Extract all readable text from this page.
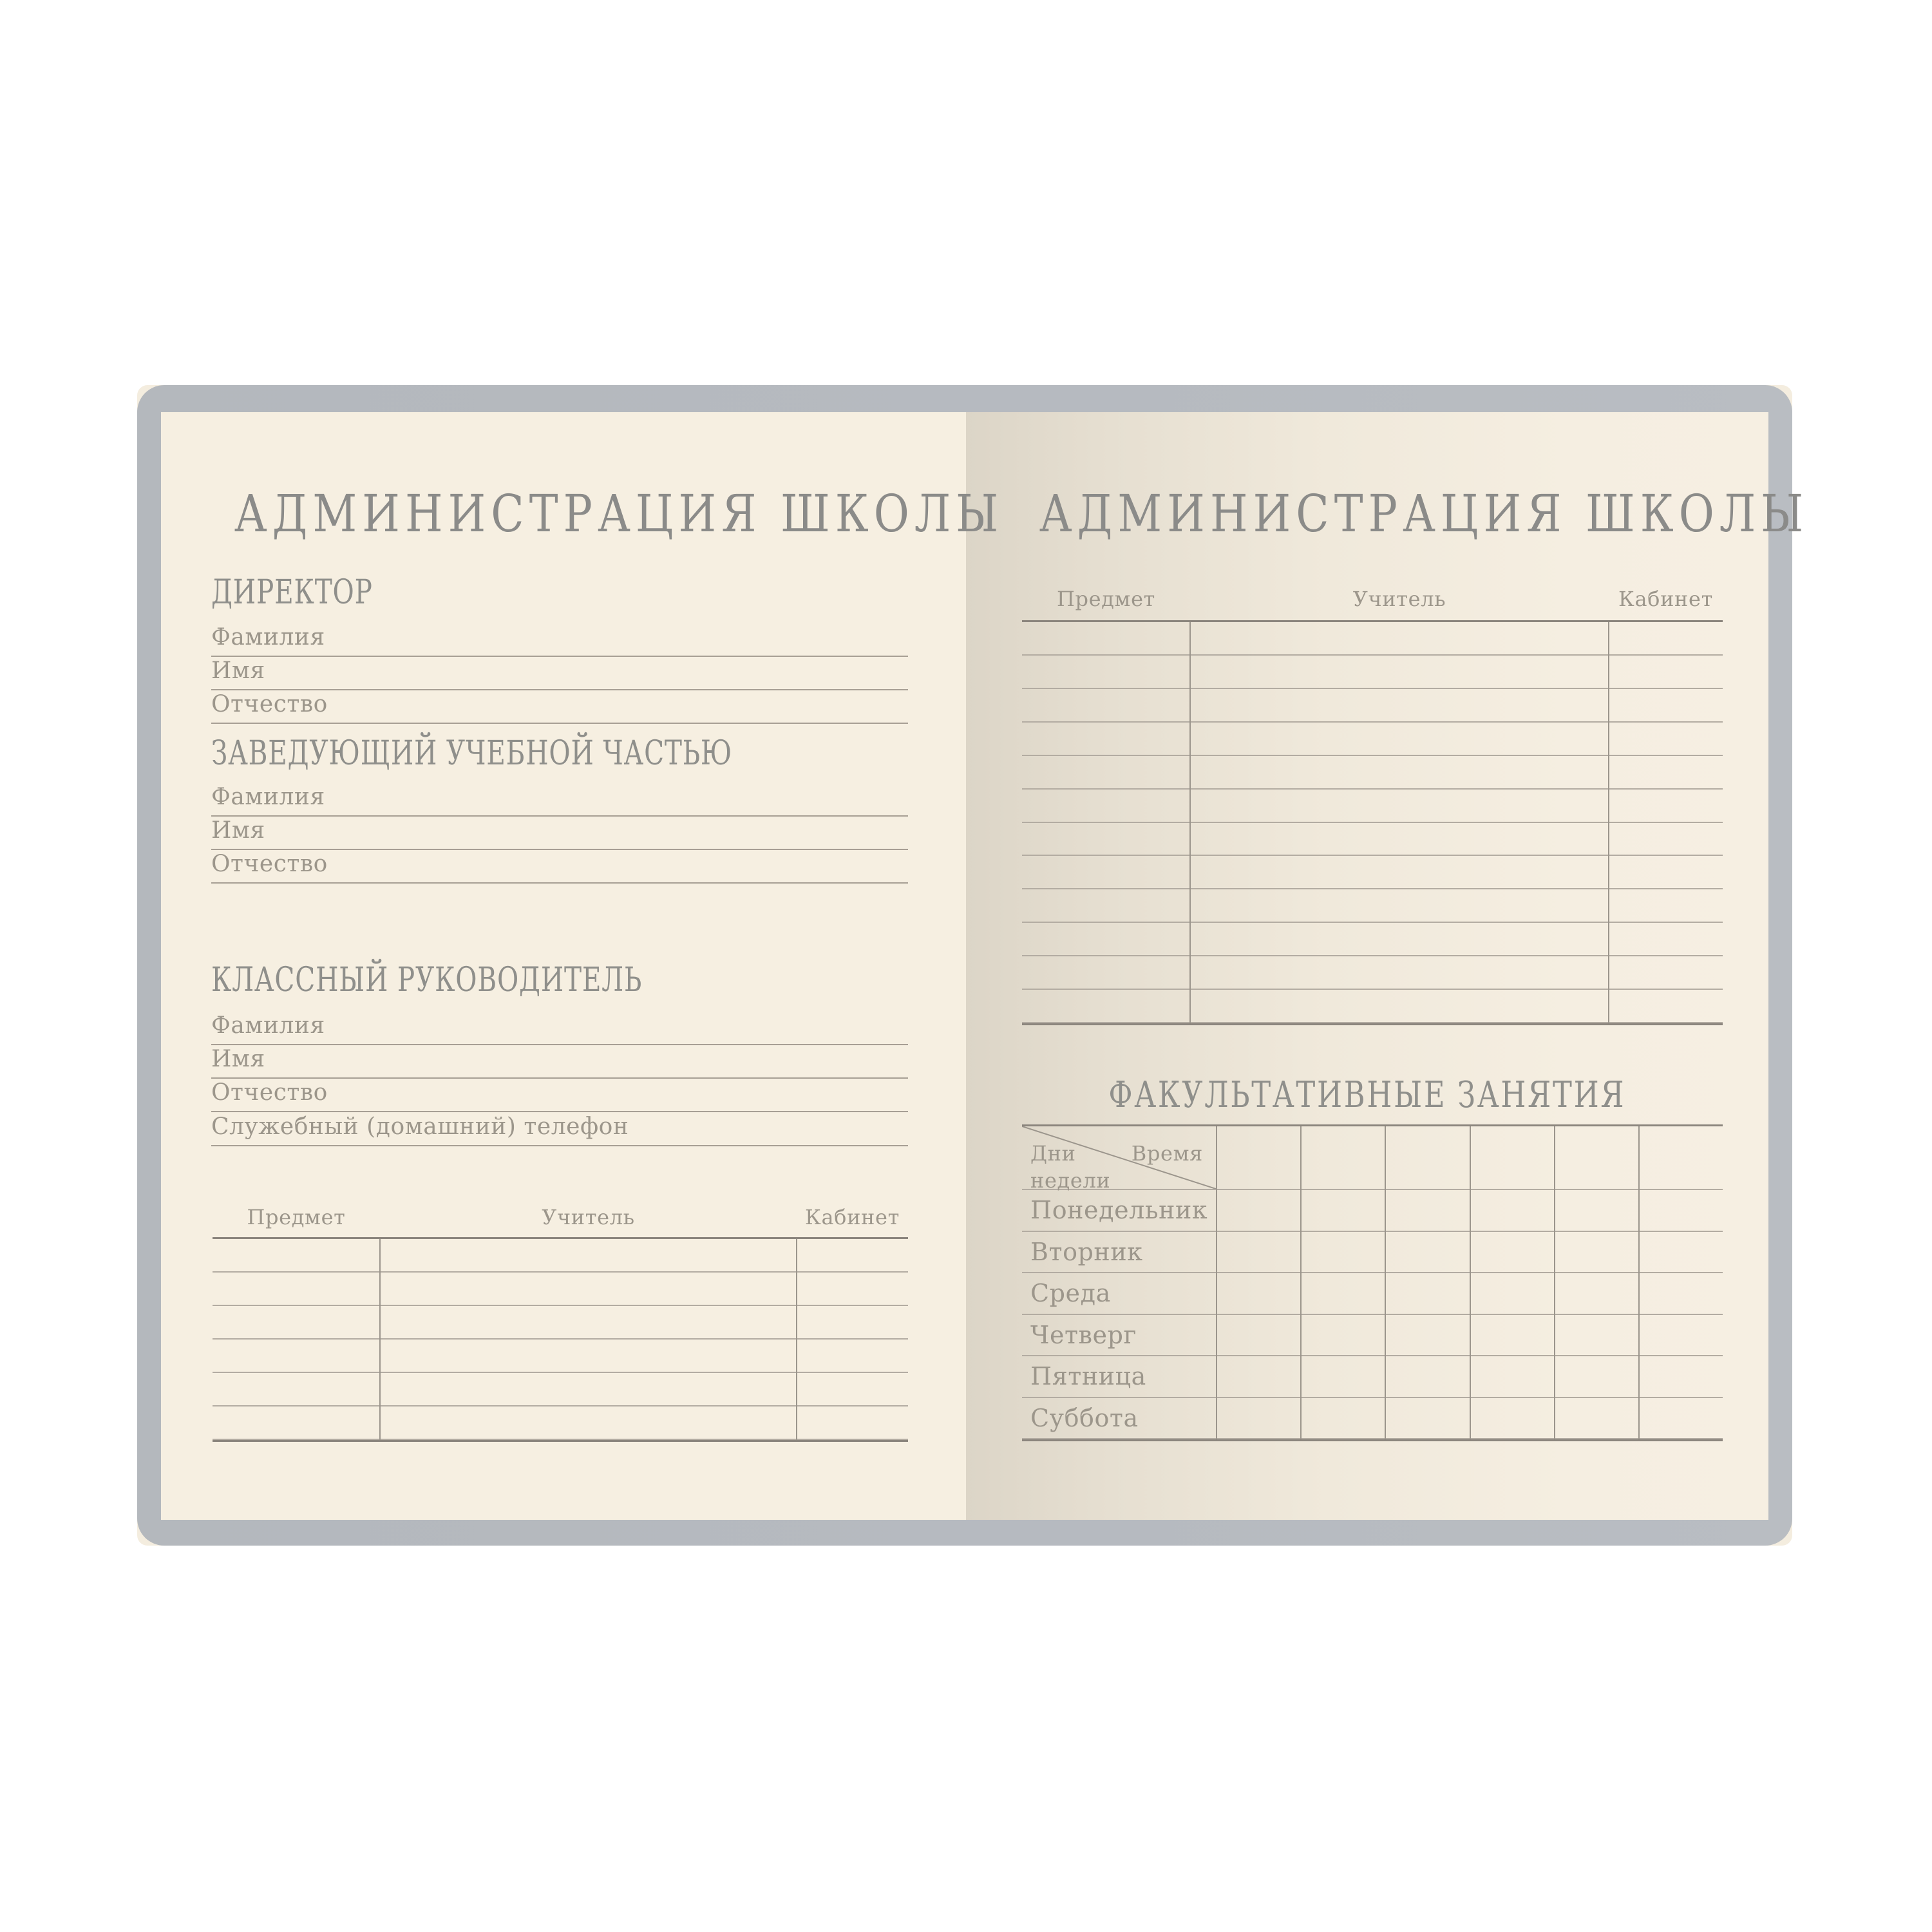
АДМИНИСТРАЦИЯ ШКОЛЫ
ДИРЕКТОР
Фамилия
Имя
Отчество
ЗАВЕДУЮЩИЙ УЧЕБНОЙ ЧАСТЬЮ
Фамилия
Имя
Отчество
КЛАССНЫЙ РУКОВОДИТЕЛЬ
Фамилия
Имя
Отчество
Служебный (домашний) телефон
Предмет	Учитель	Кабинет
АДМИНИСТРАЦИЯ ШКОЛЫ
Предмет	Учитель	Кабинет
ФАКУЛЬТАТИВНЫЕ ЗАНЯТИЯ
Дни
недели
Время
Понедельник
Вторник
Среда
Четверг
Пятница
Суббота
